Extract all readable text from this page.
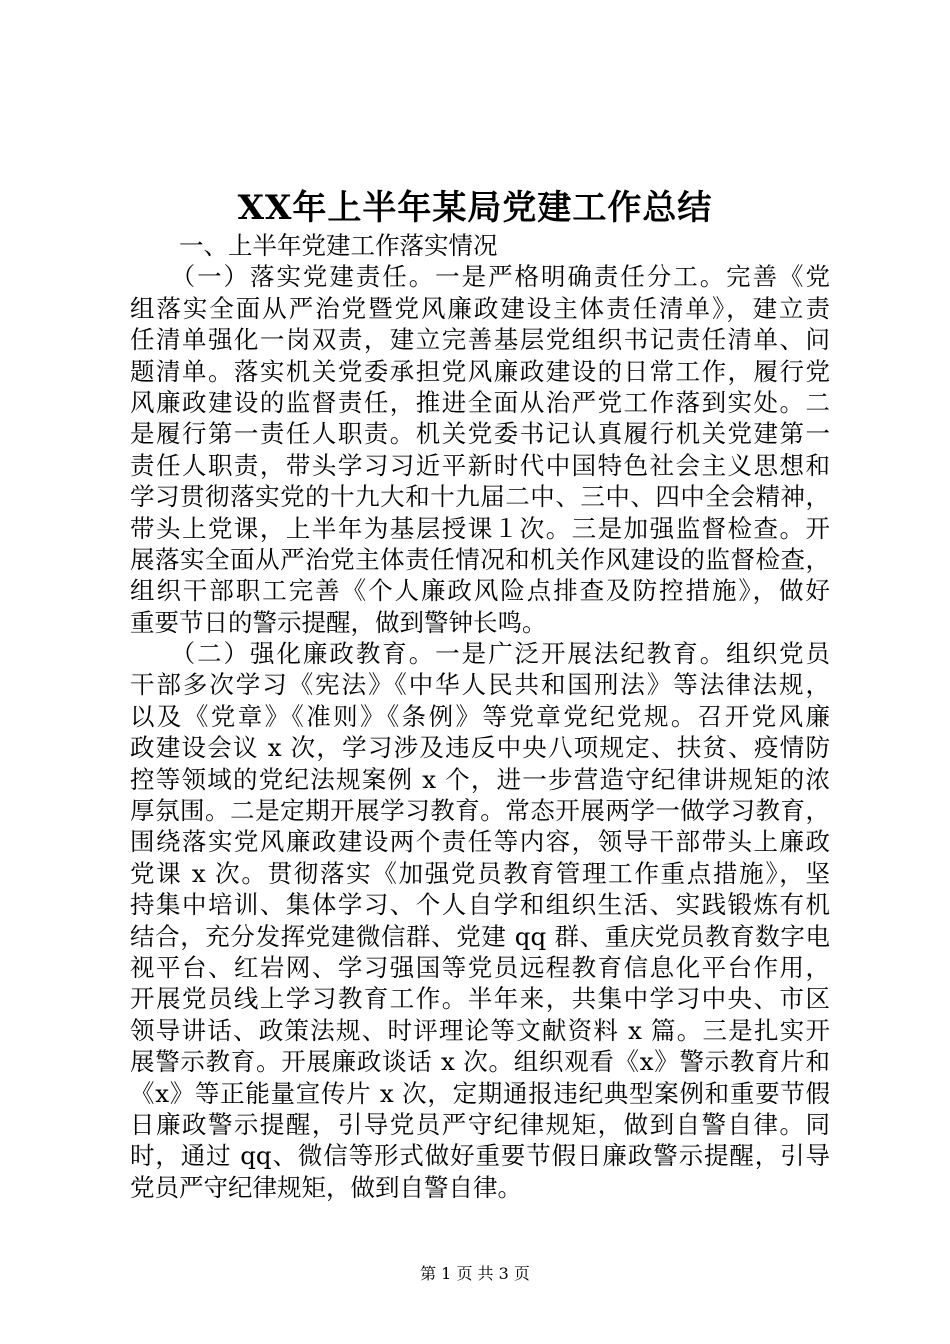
XX年上半年某局党建工作总结
　　一、上半年党建工作落实情况
　　（一）落实党建责任。一是严格明确责任分工。完善《党
组落实全面从严治党暨党风廉政建设主体责任清单》，建立责
任清单强化一岗双责，建立完善基层党组织书记责任清单、问
题清单。落实机关党委承担党风廉政建设的日常工作，履行党
风廉政建设的监督责任，推进全面从治严党工作落到实处。二
是履行第一责任人职责。机关党委书记认真履行机关党建第一
责任人职责，带头学习习近平新时代中国特色社会主义思想和
学习贯彻落实党的十九大和十九届二中、三中、四中全会精神，
带头上党课，上半年为基层授课１次。三是加强监督检查。开
展落实全面从严治党主体责任情况和机关作风建设的监督检查，
组织干部职工完善《个人廉政风险点排查及防控措施》，做好
重要节日的警示提醒，做到警钟长鸣。
　　（二）强化廉政教育。一是广泛开展法纪教育。组织党员
干部多次学习《宪法》《中华人民共和国刑法》等法律法规，
以及《党章》《准则》《条例》等党章党纪党规。召开党风廉
政建设会议 x 次，学习涉及违反中央八项规定、扶贫、疫情防
控等领域的党纪法规案例 x 个，进一步营造守纪律讲规矩的浓
厚氛围。二是定期开展学习教育。常态开展两学一做学习教育，
围绕落实党风廉政建设两个责任等内容，领导干部带头上廉政
党课 x 次。贯彻落实《加强党员教育管理工作重点措施》，坚
持集中培训、集体学习、个人自学和组织生活、实践锻炼有机
结合，充分发挥党建微信群、党建 qq 群、重庆党员教育数字电
视平台、红岩网、学习强国等党员远程教育信息化平台作用，
开展党员线上学习教育工作。半年来，共集中学习中央、市区
领导讲话、政策法规、时评理论等文献资料 x 篇。三是扎实开
展警示教育。开展廉政谈话 x 次。组织观看《x》警示教育片和
《x》等正能量宣传片 x 次，定期通报违纪典型案例和重要节假
日廉政警示提醒，引导党员严守纪律规矩，做到自警自律。同
时，通过 qq、微信等形式做好重要节假日廉政警示提醒，引导
党员严守纪律规矩，做到自警自律。
第 1 页 共 3 页
